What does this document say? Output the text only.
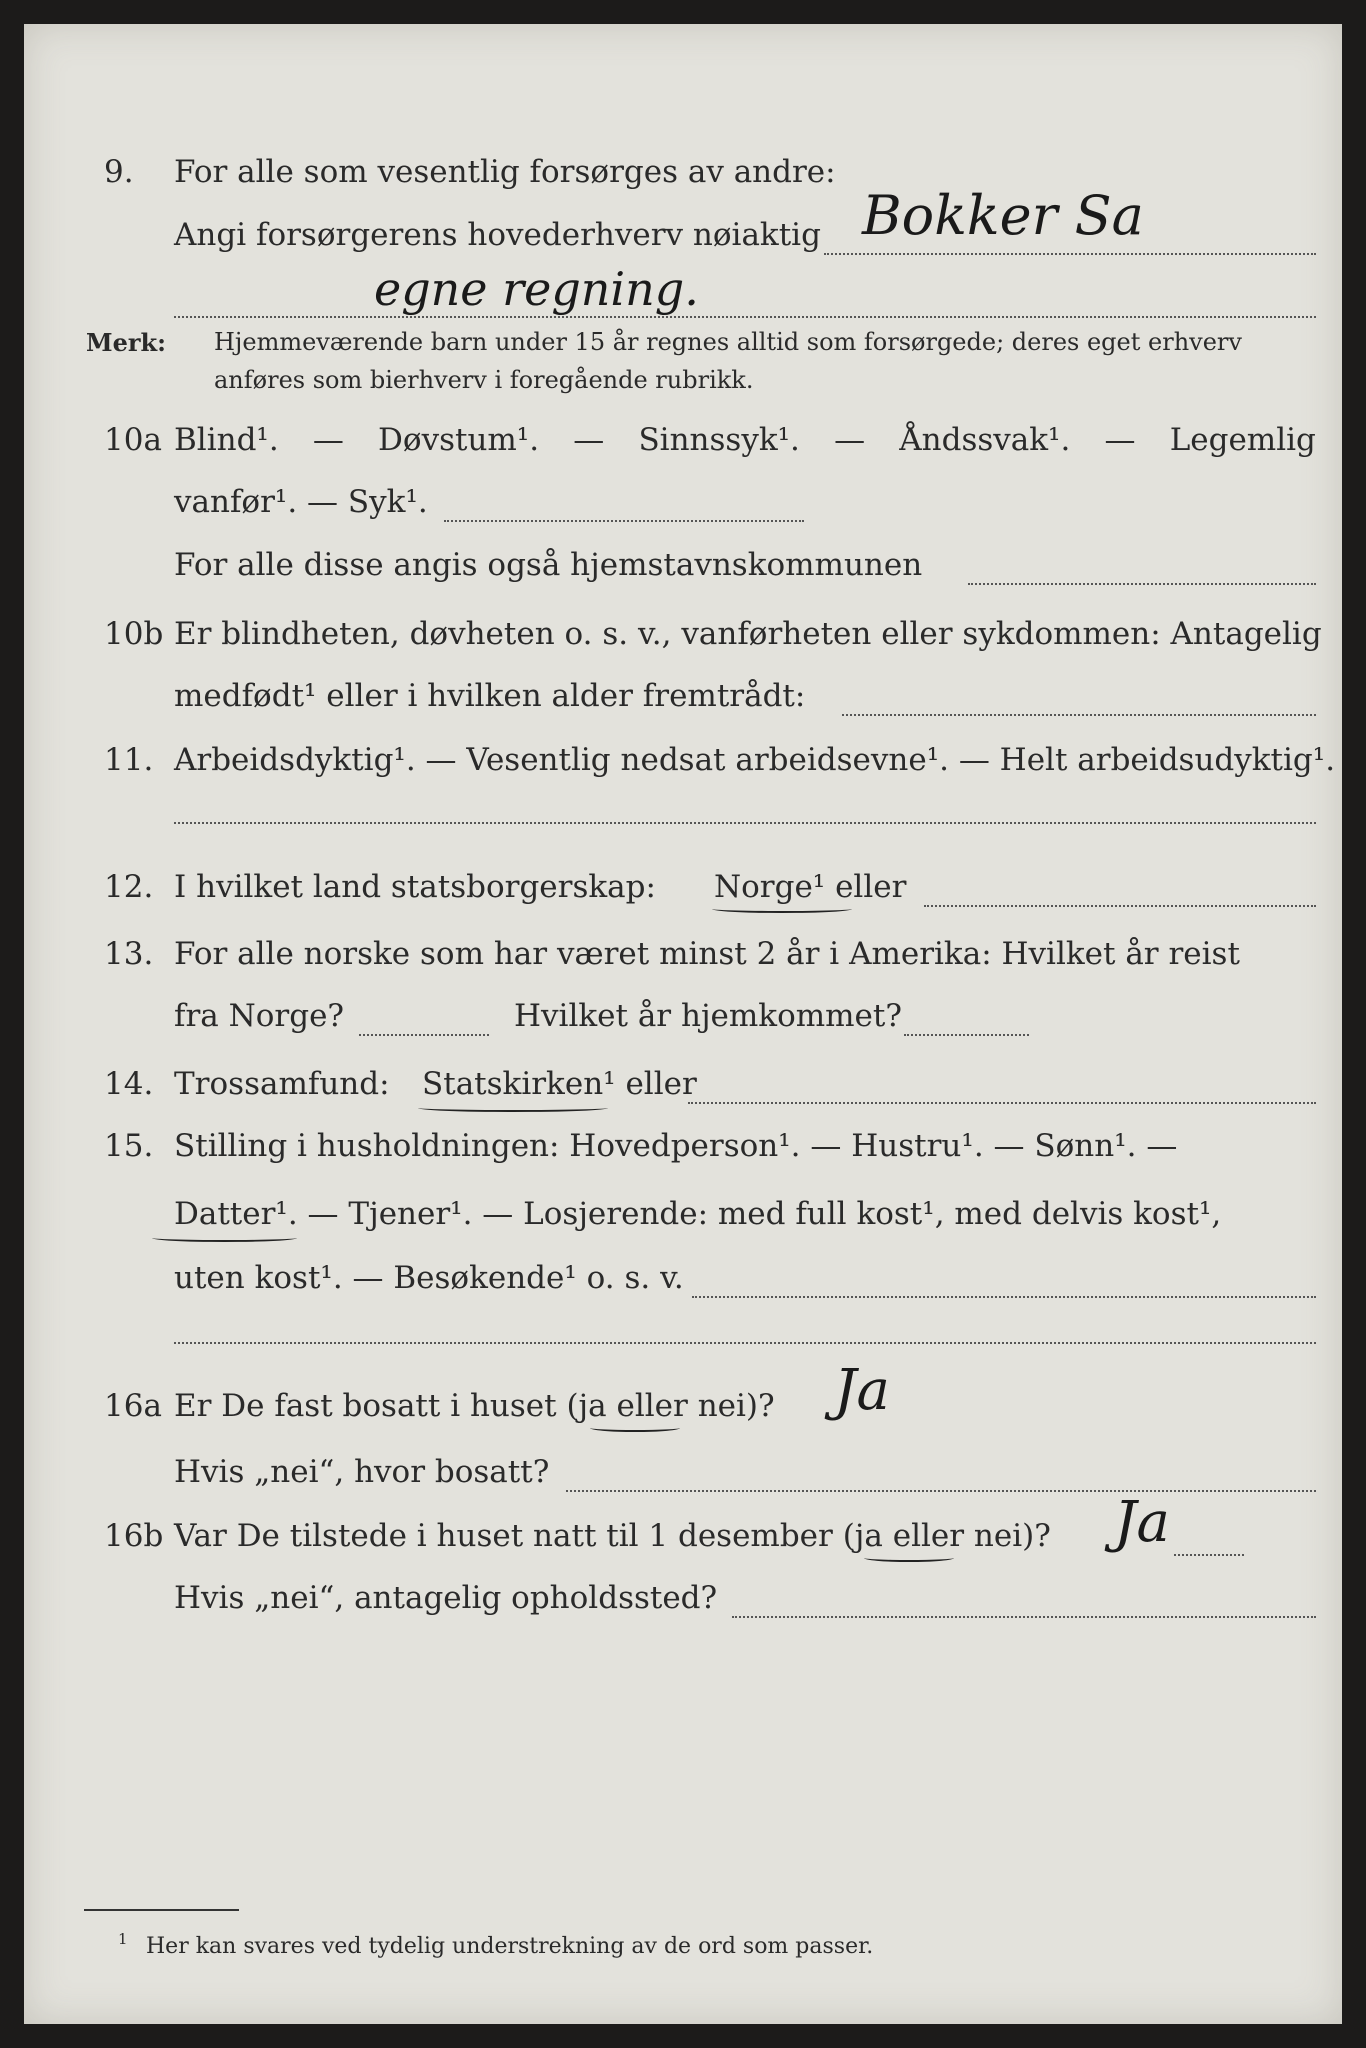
9. For alle som vesentlig forsørges av andre:
Angi forsørgerens hovederhverv nøiaktig Bokker Sa
egne regning.
Merk: Hjemmeværende barn under 15 år regnes alltid som forsørgede; deres eget erhverv
anføres som bierhverv i foregående rubrikk.
10a Blind¹. — Døvstum¹. — Sinnssyk¹. — Åndssvak¹. — Legemlig
vanfør¹. — Syk¹.
For alle disse angis også hjemstavnskommunen
10b Er blindheten, døvheten o. s. v., vanførheten eller sykdommen: Antagelig
medfødt¹ eller i hvilken alder fremtrådt:
11. Arbeidsdyktig¹. — Vesentlig nedsat arbeidsevne¹. — Helt arbeidsudyktig¹.
12. I hvilket land statsborgerskap: Norge¹ eller
13. For alle norske som har været minst 2 år i Amerika: Hvilket år reist
fra Norge?	Hvilket år hjemkommet?
14. Trossamfund: Statskirken¹ eller
15. Stilling i husholdningen: Hovedperson¹. — Hustru¹. — Sønn¹. —
Datter¹. — Tjener¹. — Losjerende: med full kost¹, med delvis kost¹,
uten kost¹. — Besøkende¹ o. s. v.
16a Er De fast bosatt i huset (ja eller nei)? Ja
Hvis „nei“, hvor bosatt?
16b Var De tilstede i huset natt til 1 desember (ja eller nei)? Ja
Hvis „nei“, antagelig opholdssted?
1 Her kan svares ved tydelig understrekning av de ord som passer.
